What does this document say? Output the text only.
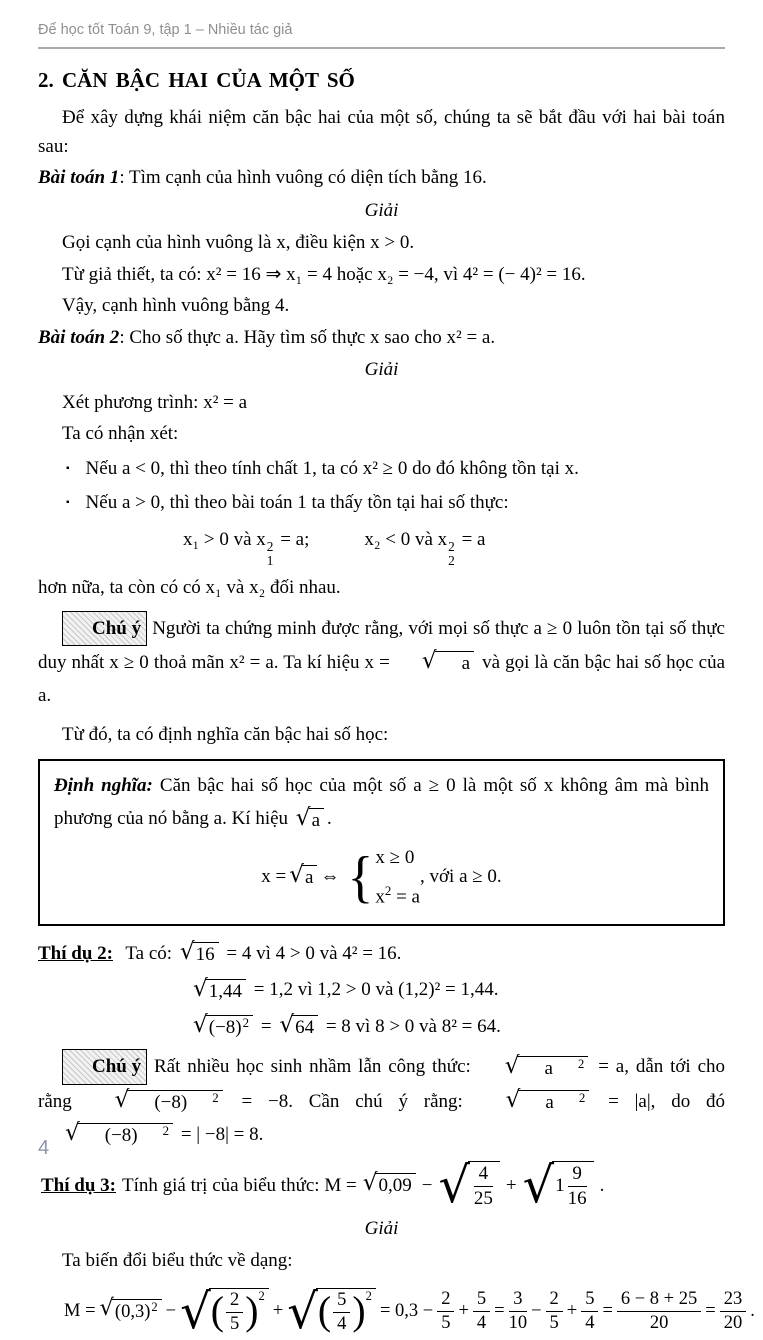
Để học tốt Toán 9, tập 1 – Nhiều tác giả
2. CĂN BẬC HAI CỦA MỘT SỐ

Để xây dựng khái niệm căn bậc hai của một số, chúng ta sẽ bắt đầu với hai bài toán sau:

Bài toán 1: Tìm cạnh của hình vuông có diện tích bằng 16.

Giải

Gọi cạnh của hình vuông là x, điều kiện x > 0.

Từ giả thiết, ta có: x² = 16 ⇒ x₁ = 4 hoặc x₂ = −4, vì 4² = (− 4)² = 16.

Vậy, cạnh hình vuông bằng 4.

Bài toán 2: Cho số thực a. Hãy tìm số thực x sao cho x² = a.

Giải

Xét phương trình: x² = a

Ta có nhận xét:

▪ Nếu a < 0, thì theo tính chất 1, ta có x² ≥ 0 do đó không tồn tại x.
▪ Nếu a > 0, thì theo bài toán 1 ta thấy tồn tại hai số thực:
x₁ > 0 và x 2
1
= a;	x₂ < 0 và x 2
2
= a

hơn nữa, ta còn có có x₁ và x₂ đối nhau.

Chú ý Người ta chứng minh được rằng, với mọi số thực a ≥ 0 luôn tồn tại số thực duy nhất x ≥ 0 thoả mãn x² = a. Ta kí hiệu x =	√	a và gọi là căn bậc hai số học của a.

Từ đó, ta có định nghĩa căn bậc hai số học:

Định nghĩa: Căn bậc hai số học của một số a ≥ 0 là một số x không âm mà bình phương của nó bằng a. Kí hiệu √ a .

x = √ a ⇔ { x ≥ 0
$x^2 = a$
, với a ≥ 0.

Thí dụ 2: Ta có: √ 16 = 4 vì 4 > 0 và 4² = 16.

√ 1,44 = 1,2 vì 1,2 > 0 và (1,2)² = 1,44.

√ (−8) 2 = √ 64 = 8 vì 8 > 0 và 8² = 64.

Chú ý Rất nhiều học sinh nhầm lẫn công thức:	√	a	2 = a, dẫn tới cho rằng	√	(−8)	2 = −8. Cần chú ý rằng:	√	a	2 = |a|, do đó
√	(−8)	2 = | −8| = 8.

Thí dụ 3: Tính giá trị của biểu thức: M = √ 0,09 − √ $\frac{4}{25}$ + √ $1 \frac{9}{16}$ .
Giải

Ta biến đổi biểu thức về dạng:

M = √ (0,3) 2 − √ ( $\frac{2}{5}$ ) 2
+ √ ( $\frac{5}{4}$ ) 2
= $0,3 - \frac{2}{5} + \frac{5}{4} = \frac{3}{10} - \frac{2}{5} + \frac{5}{4} = \frac{6 - 8 + 25}{20} = \frac{23}{20}$ .
4
